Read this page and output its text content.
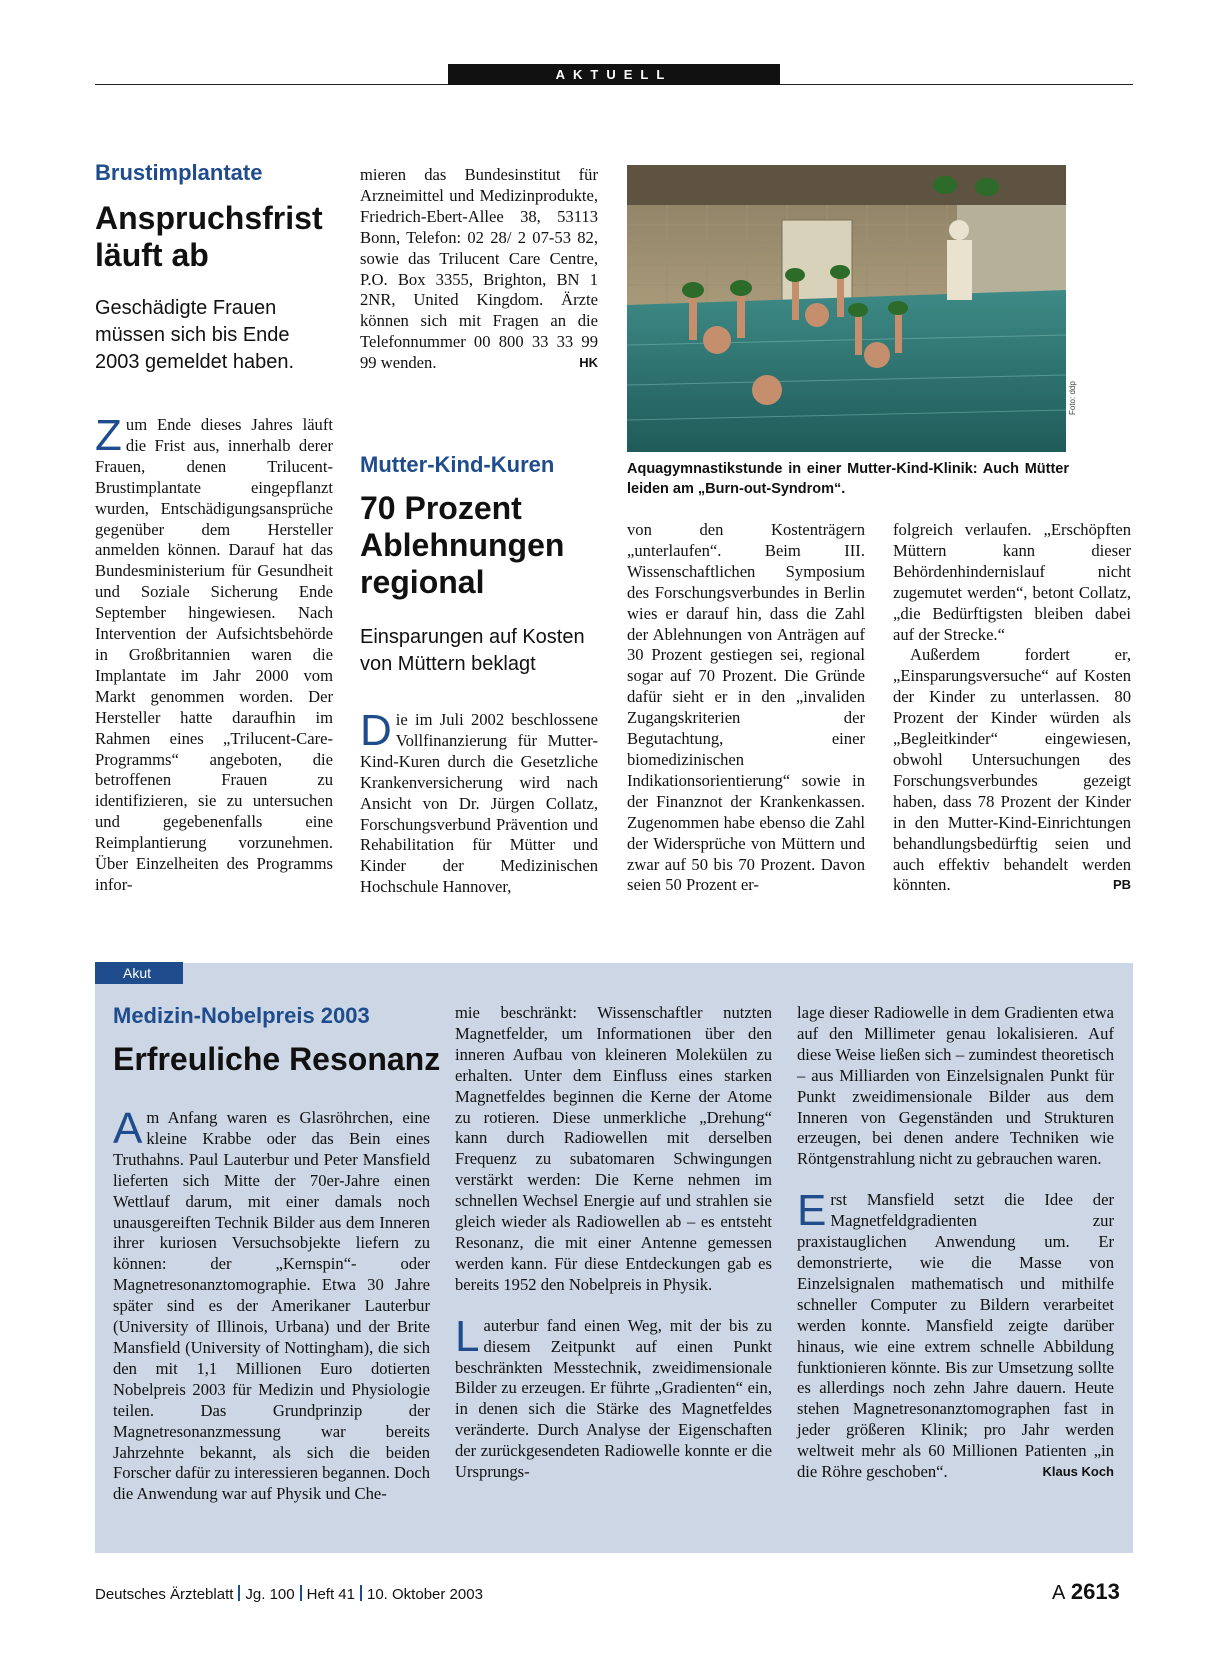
AKTUELL
Brustimplantate
Anspruchsfrist läuft ab
Geschädigte Frauen müssen sich bis Ende 2003 gemeldet haben.
Zum Ende dieses Jahres läuft die Frist aus, innerhalb derer Frauen, denen Trilucent-Brustimplantate eingepflanzt wurden, Entschädigungsansprüche gegenüber dem Hersteller anmelden können. Darauf hat das Bundesministerium für Gesundheit und Soziale Sicherung Ende September hingewiesen. Nach Intervention der Aufsichtsbehörde in Großbritannien waren die Implantate im Jahr 2000 vom Markt genommen worden. Der Hersteller hatte daraufhin im Rahmen eines „Trilucent-Care-Programms“ angeboten, die betroffenen Frauen zu identifizieren, sie zu untersuchen und gegebenenfalls eine Reimplantierung vorzunehmen. Über Einzelheiten des Programms infor-
mieren das Bundesinstitut für Arzneimittel und Medizinprodukte, Friedrich-Ebert-Allee 38, 53113 Bonn, Telefon: 02 28/ 2 07-53 82, sowie das Trilucent Care Centre, P.O. Box 3355, Brighton, BN 1 2NR, United Kingdom. Ärzte können sich mit Fragen an die Telefonnummer 00 800 33 33 99 99 wenden.	HK
Mutter-Kind-Kuren
70 Prozent Ablehnungen regional
Einsparungen auf Kosten von Müttern beklagt
Die im Juli 2002 beschlossene Vollfinanzierung für Mutter-Kind-Kuren durch die Gesetzliche Krankenversicherung wird nach Ansicht von Dr. Jürgen Collatz, Forschungsverbund Prävention und Rehabilitation für Mütter und Kinder der Medizinischen Hochschule Hannover,
Foto: ddp
Aquagymnastikstunde in einer Mutter-Kind-Klinik: Auch Mütter leiden am „Burn-out-Syndrom“.
von den Kostenträgern „unterlaufen“. Beim III. Wissenschaftlichen Symposium des Forschungsverbundes in Berlin wies er darauf hin, dass die Zahl der Ablehnungen von Anträgen auf 30 Prozent gestiegen sei, regional sogar auf 70 Prozent. Die Gründe dafür sieht er in den „invaliden Zugangskriterien der Begutachtung, einer biomedizinischen Indikationsorientierung“ sowie in der Finanznot der Krankenkassen. Zugenommen habe ebenso die Zahl der Widersprüche von Müttern und zwar auf 50 bis 70 Prozent. Davon seien 50 Prozent er-

folgreich verlaufen. „Erschöpften Müttern kann dieser Behördenhindernislauf nicht zugemutet werden“, betont Collatz, „die Bedürftigsten bleiben dabei auf der Strecke.“

Außerdem fordert er, „Einsparungsversuche“ auf Kosten der Kinder zu unterlassen. 80 Prozent der Kinder würden als „Begleitkinder“ eingewiesen, obwohl Untersuchungen des Forschungsverbundes gezeigt haben, dass 78 Prozent der Kinder in den Mutter-Kind-Einrichtungen behandlungsbedürftig seien und auch effektiv behandelt werden könnten.	PB

Akut
Medizin-Nobelpreis 2003
Erfreuliche Resonanz
Am Anfang waren es Glasröhrchen, eine kleine Krabbe oder das Bein eines Truthahns. Paul Lauterbur und Peter Mansfield lieferten sich Mitte der 70er-Jahre einen Wettlauf darum, mit einer damals noch unausgereiften Technik Bilder aus dem Inneren ihrer kuriosen Versuchsobjekte liefern zu können: der „Kernspin“- oder Magnetresonanztomographie. Etwa 30 Jahre später sind es der Amerikaner Lauterbur (University of Illinois, Urbana) und der Brite Mansfield (University of Nottingham), die sich den mit 1,1 Millionen Euro dotierten Nobelpreis 2003 für Medizin und Physiologie teilen. Das Grundprinzip der Magnetresonanzmessung war bereits Jahrzehnte bekannt, als sich die beiden Forscher dafür zu interessieren begannen. Doch die Anwendung war auf Physik und Che-

mie beschränkt: Wissenschaftler nutzten Magnetfelder, um Informationen über den inneren Aufbau von kleineren Molekülen zu erhalten. Unter dem Einfluss eines starken Magnetfeldes beginnen die Kerne der Atome zu rotieren. Diese unmerkliche „Drehung“ kann durch Radiowellen mit derselben Frequenz zu subatomaren Schwingungen verstärkt werden: Die Kerne nehmen im schnellen Wechsel Energie auf und strahlen sie gleich wieder als Radiowellen ab – es entsteht Resonanz, die mit einer Antenne gemessen werden kann. Für diese Entdeckungen gab es bereits 1952 den Nobelpreis in Physik.

Lauterbur fand einen Weg, mit der bis zu diesem Zeitpunkt auf einen Punkt beschränkten Messtechnik, zweidimensionale Bilder zu erzeugen. Er führte „Gradienten“ ein, in denen sich die Stärke des Magnetfeldes veränderte. Durch Analyse der Eigenschaften der zurückgesendeten Radiowelle konnte er die Ursprungs-

lage dieser Radiowelle in dem Gradienten etwa auf den Millimeter genau lokalisieren. Auf diese Weise ließen sich – zumindest theoretisch – aus Milliarden von Einzelsignalen Punkt für Punkt zweidimensionale Bilder aus dem Inneren von Gegenständen und Strukturen erzeugen, bei denen andere Techniken wie Röntgenstrahlung nicht zu gebrauchen waren.

Erst Mansfield setzt die Idee der Magnetfeldgradienten zur praxistauglichen Anwendung um. Er demonstrierte, wie die Masse von Einzelsignalen mathematisch und mithilfe schneller Computer zu Bildern verarbeitet werden konnte. Mansfield zeigte darüber hinaus, wie eine extrem schnelle Abbildung funktionieren könnte. Bis zur Umsetzung sollte es allerdings noch zehn Jahre dauern. Heute stehen Magnetresonanztomographen fast in jeder größeren Klinik; pro Jahr werden weltweit mehr als 60 Millionen Patienten „in die Röhre geschoben“.	Klaus Koch

Deutsches Ärzteblatt Jg. 100 Heft 41 10. Oktober 2003	A 2613
